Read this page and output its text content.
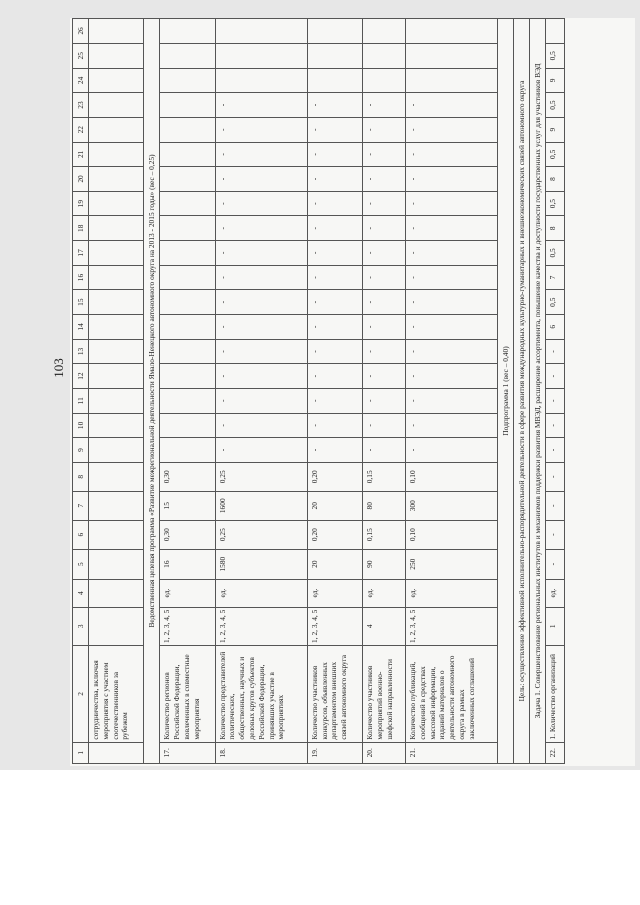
103
1	2	3	4	5	6	7	8	9	10	11	12	13	14	15	16	17	18	19	20	21	22	23	24	25	26
	сотрудничества, включая мероприятия с участием соотечественников за рубежом																								
Ведомственная целевая программа «Развитие межрегиональной деятельности Ямало-Ненецкого автономного округа на 2013 - 2015 годы» (вес – 0,25)																									
17.	Количество регионов Российской Федерации, вовлеченных в совместные мероприятия	1, 2, 3, 4, 5	ед.	16	0,30	15	0,30																		
18.	Количество представителей политических, общественных, научных и деловых кругов субъектов Российской Федерации, принявших участие в мероприятиях	1, 2, 3, 4, 5	ед.	1580	0,25	1600	0,25	-	-	-	-	-	-	-	-	-	-	-	-	-	-	-			
19.	Количество участников конкурсов, объявленных департаментом внешних связей автономного округа	1, 2, 3, 4, 5	ед.	20	0,20	20	0,20	-	-	-	-	-	-	-	-	-	-	-	-	-	-	-			
20.	Количество участников мероприятий военно-шефской направленности	4	ед.	90	0,15	80	0,15	-	-	-	-	-	-	-	-	-	-	-	-	-	-	-			
21.	Количество публикаций, сообщений в средствах массовой информации, изданий материалов о деятельности автономного округа в рамках заключенных соглашений	1, 2, 3, 4, 5	ед.	250	0,10	300	0,10	-	-	-	-	-	-	-	-	-	-	-	-	-	-	-			
Подпрограмма 1 (вес – 0,40)																									
Цель: осуществление эффективной исполнительно-распорядительной деятельности в сфере развития международных культурно-гуманитарных и внешнеэкономических связей автономного округа																									
Задача 1. Совершенствование региональных институтов и механизмов поддержки развития МВЭД, расширение ассортимента, повышение качества и доступности государственных услуг для участников ВЭД																									
22.	1. Количество организаций	1	ед.	-	-	-	-	-	-	-	-	-	6	0,5	7	0,5	8	0,5	8	0,5	9	0,5	9	0,5	
